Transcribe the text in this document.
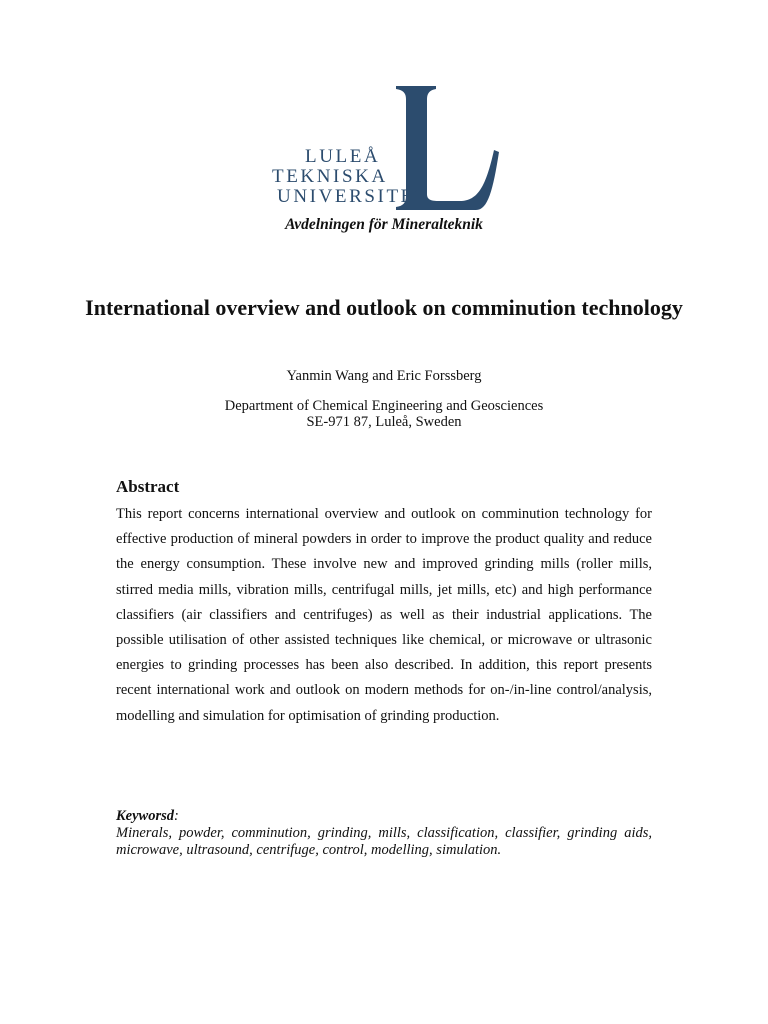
LULEÅ
TEKNISKA
UNIVERSITET
Avdelningen för Mineralteknik
International overview and outlook on comminution technology
Yanmin Wang and Eric Forssberg
Department of Chemical Engineering and Geosciences
SE-971 87, Luleå, Sweden
Abstract
This report concerns international overview and outlook on comminution technology for effective production of mineral powders in order to improve the product quality and reduce the energy consumption. These involve new and improved grinding mills (roller mills, stirred media mills, vibration mills, centrifugal mills, jet mills, etc) and high performance classifiers (air classifiers and centrifuges) as well as their industrial applications. The possible utilisation of other assisted techniques like chemical, or microwave or ultrasonic energies to grinding processes has been also described. In addition, this report presents recent international work and outlook on modern methods for on-/in-line control/analysis, modelling and simulation for optimisation of grinding production.
Keyworsd:
Minerals, powder, comminution, grinding, mills, classification, classifier, grinding aids, microwave, ultrasound, centrifuge, control, modelling, simulation.
